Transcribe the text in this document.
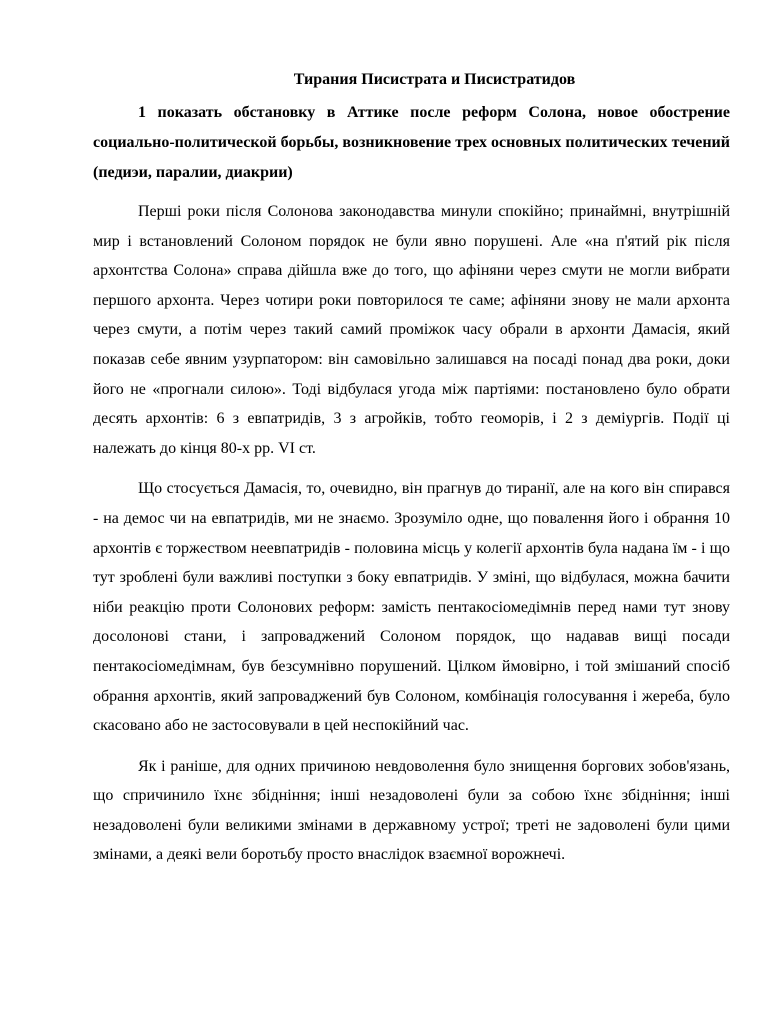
Тирания Писистрата и Писистратидов

1 показать обстановку в Аттике после реформ Солона, новое обострение социально-политической борьбы, возникновение трех основных политических течений (педиэи, паралии, диакрии)

Перші роки після Солонова законодавства минули спокійно; принаймні, внутрішній мир і встановлений Солоном порядок не були явно порушені. Але «на п'ятий рік після архонтства Солона» справа дійшла вже до того, що афіняни через смути не могли вибрати першого архонта. Через чотири роки повторилося те саме; афіняни знову не мали архонта через смути, а потім через такий самий проміжок часу обрали в архонти Дамасія, який показав себе явним узурпатором: він самовільно залишався на посаді понад два роки, доки його не «прогнали силою». Тоді відбулася угода між партіями: постановлено було обрати десять архонтів: 6 з евпатридів, 3 з агройків, тобто геоморів, і 2 з деміургів. Події ці належать до кінця 80-х рр. VI ст.

Що стосується Дамасія, то, очевидно, він прагнув до тиранії, але на кого він спирався - на демос чи на евпатридів, ми не знаємо. Зрозуміло одне, що повалення його і обрання 10 архонтів є торжеством неевпатридів - половина місць у колегії архонтів була надана їм - і що тут зроблені були важливі поступки з боку евпатридів. У зміні, що відбулася, можна бачити ніби реакцію проти Солонових реформ: замість пентакосіомедімнів перед нами тут знову досолонові стани, і запроваджений Солоном порядок, що надавав вищі посади пентакосіомедімнам, був безсумнівно порушений. Цілком ймовірно, і той змішаний спосіб обрання архонтів, який запроваджений був Солоном, комбінація голосування і жереба, було скасовано або не застосовували в цей неспокійний час.

Як і раніше, для одних причиною невдоволення було знищення боргових зобов'язань, що спричинило їхнє збідніння; інші незадоволені були за собою їхнє збідніння; інші незадоволені були великими змінами в державному устрої; треті не задоволені були цими змінами, а деякі вели боротьбу просто внаслідок взаємної ворожнечі.
